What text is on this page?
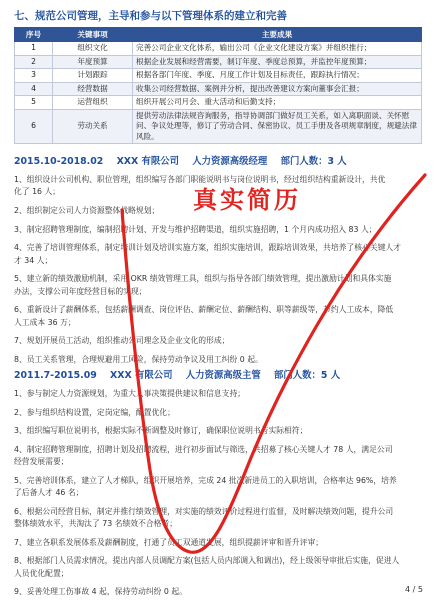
七、规范公司管理，主导和参与以下管理体系的建立和完善
序号	关键事项	主要成果
1	组织文化	完善公司企业文化体系，输出公司《企业文化建设方案》并组织推行；
2	年度预算	根据企业发展和经营需要，制订年度、季度总预算，并监控年度预算；
3	计划跟踪	根据各部门年度、季度、月度工作计划及目标责任，跟踪执行情况；
4	经营数据	收集公司经营数据、案例并分析，提出改善建议方案向董事会汇报；
5	运营组织	组织开展公司月会、重大活动和后勤支持；
6	劳动关系	提供劳动法律法规咨询服务，指导协调部门做好员工关系，如入离职面谈、关怀慰问、争议处理等，修订了劳动合同、保密协议、员工手册及各项规章制度，规避法律风险。
2015.10-2018.02 XXX 有限公司 人力资源高级经理 部门人数：3 人

1、组织设计公司机构、职位管理，组织编写各部门职能说明书与岗位说明书，经过组织结构重新设计，共优

化了 16 人；

2、组织制定公司人力资源整体战略规划；

3、制定招聘管理制度，编制招聘计划、开发与维护招聘渠道，组织实施招聘，1 个月内成功招入 83 人；

4、完善了培训管理体系，制定培训计划及培训实施方案，组织实施培训，跟踪培训效果，共培养了核心关键人才

才 34 人；

5、建立新的绩效激励机制，采用 OKR 绩效管理工具，组织与指导各部门绩效管理，提出激励计划和具体实施

办法，支撑公司年度经营目标的实现；

6、重新设计了薪酬体系，包括薪酬调查、岗位评估、薪酬定位、薪酬结构、职等薪级等，节约人工成本，降低

人工成本 36 万；

7、规划开展员工活动，组织推动公司理念及企业文化的形成；

8、员工关系管理，合理规避用工风险，保持劳动争议及用工纠纷 0 起。

2011.7-2015.09 XXX 有限公司 人力资源高级主管 部门人数：5 人

1、参与制定人力资源规划，为重大人事决策提供建议和信息支持；

2、参与组织结构设置，定岗定编，配置优化；

3、组织编写职位说明书，根据实际不断调整及时修订，确保职位说明书与实际相符；

4、制定招聘管理制度，招聘计划及招聘流程，进行初步面试与筛选，共招募了核心关键人才 78 人，满足公司

经营发展需要；

5、完善培训体系，建立了人才梯队，组织开展培养，完成 24 批次新进员工的入职培训，合格率达 96%，培养

了后备人才 46 名；

6、根据公司经营目标，制定并推行绩效管理，对实施的绩效评价过程进行监督，及时解决绩效问题，提升公司

整体绩效水平，共淘汰了 73 名绩效不合格者；

7、建立各职系发展体系及薪酬制度，打通了员工双通道发展，组织提薪评审和晋升评审；

8、根据部门人员需求情况，提出内部人员调配方案(包括人员内部调入和调出)，经上级领导审批后实施，促进人

人员优化配置；

9、妥善处理工伤事故 4 起，保持劳动纠纷 0 起。

真实简历
4 / 5
